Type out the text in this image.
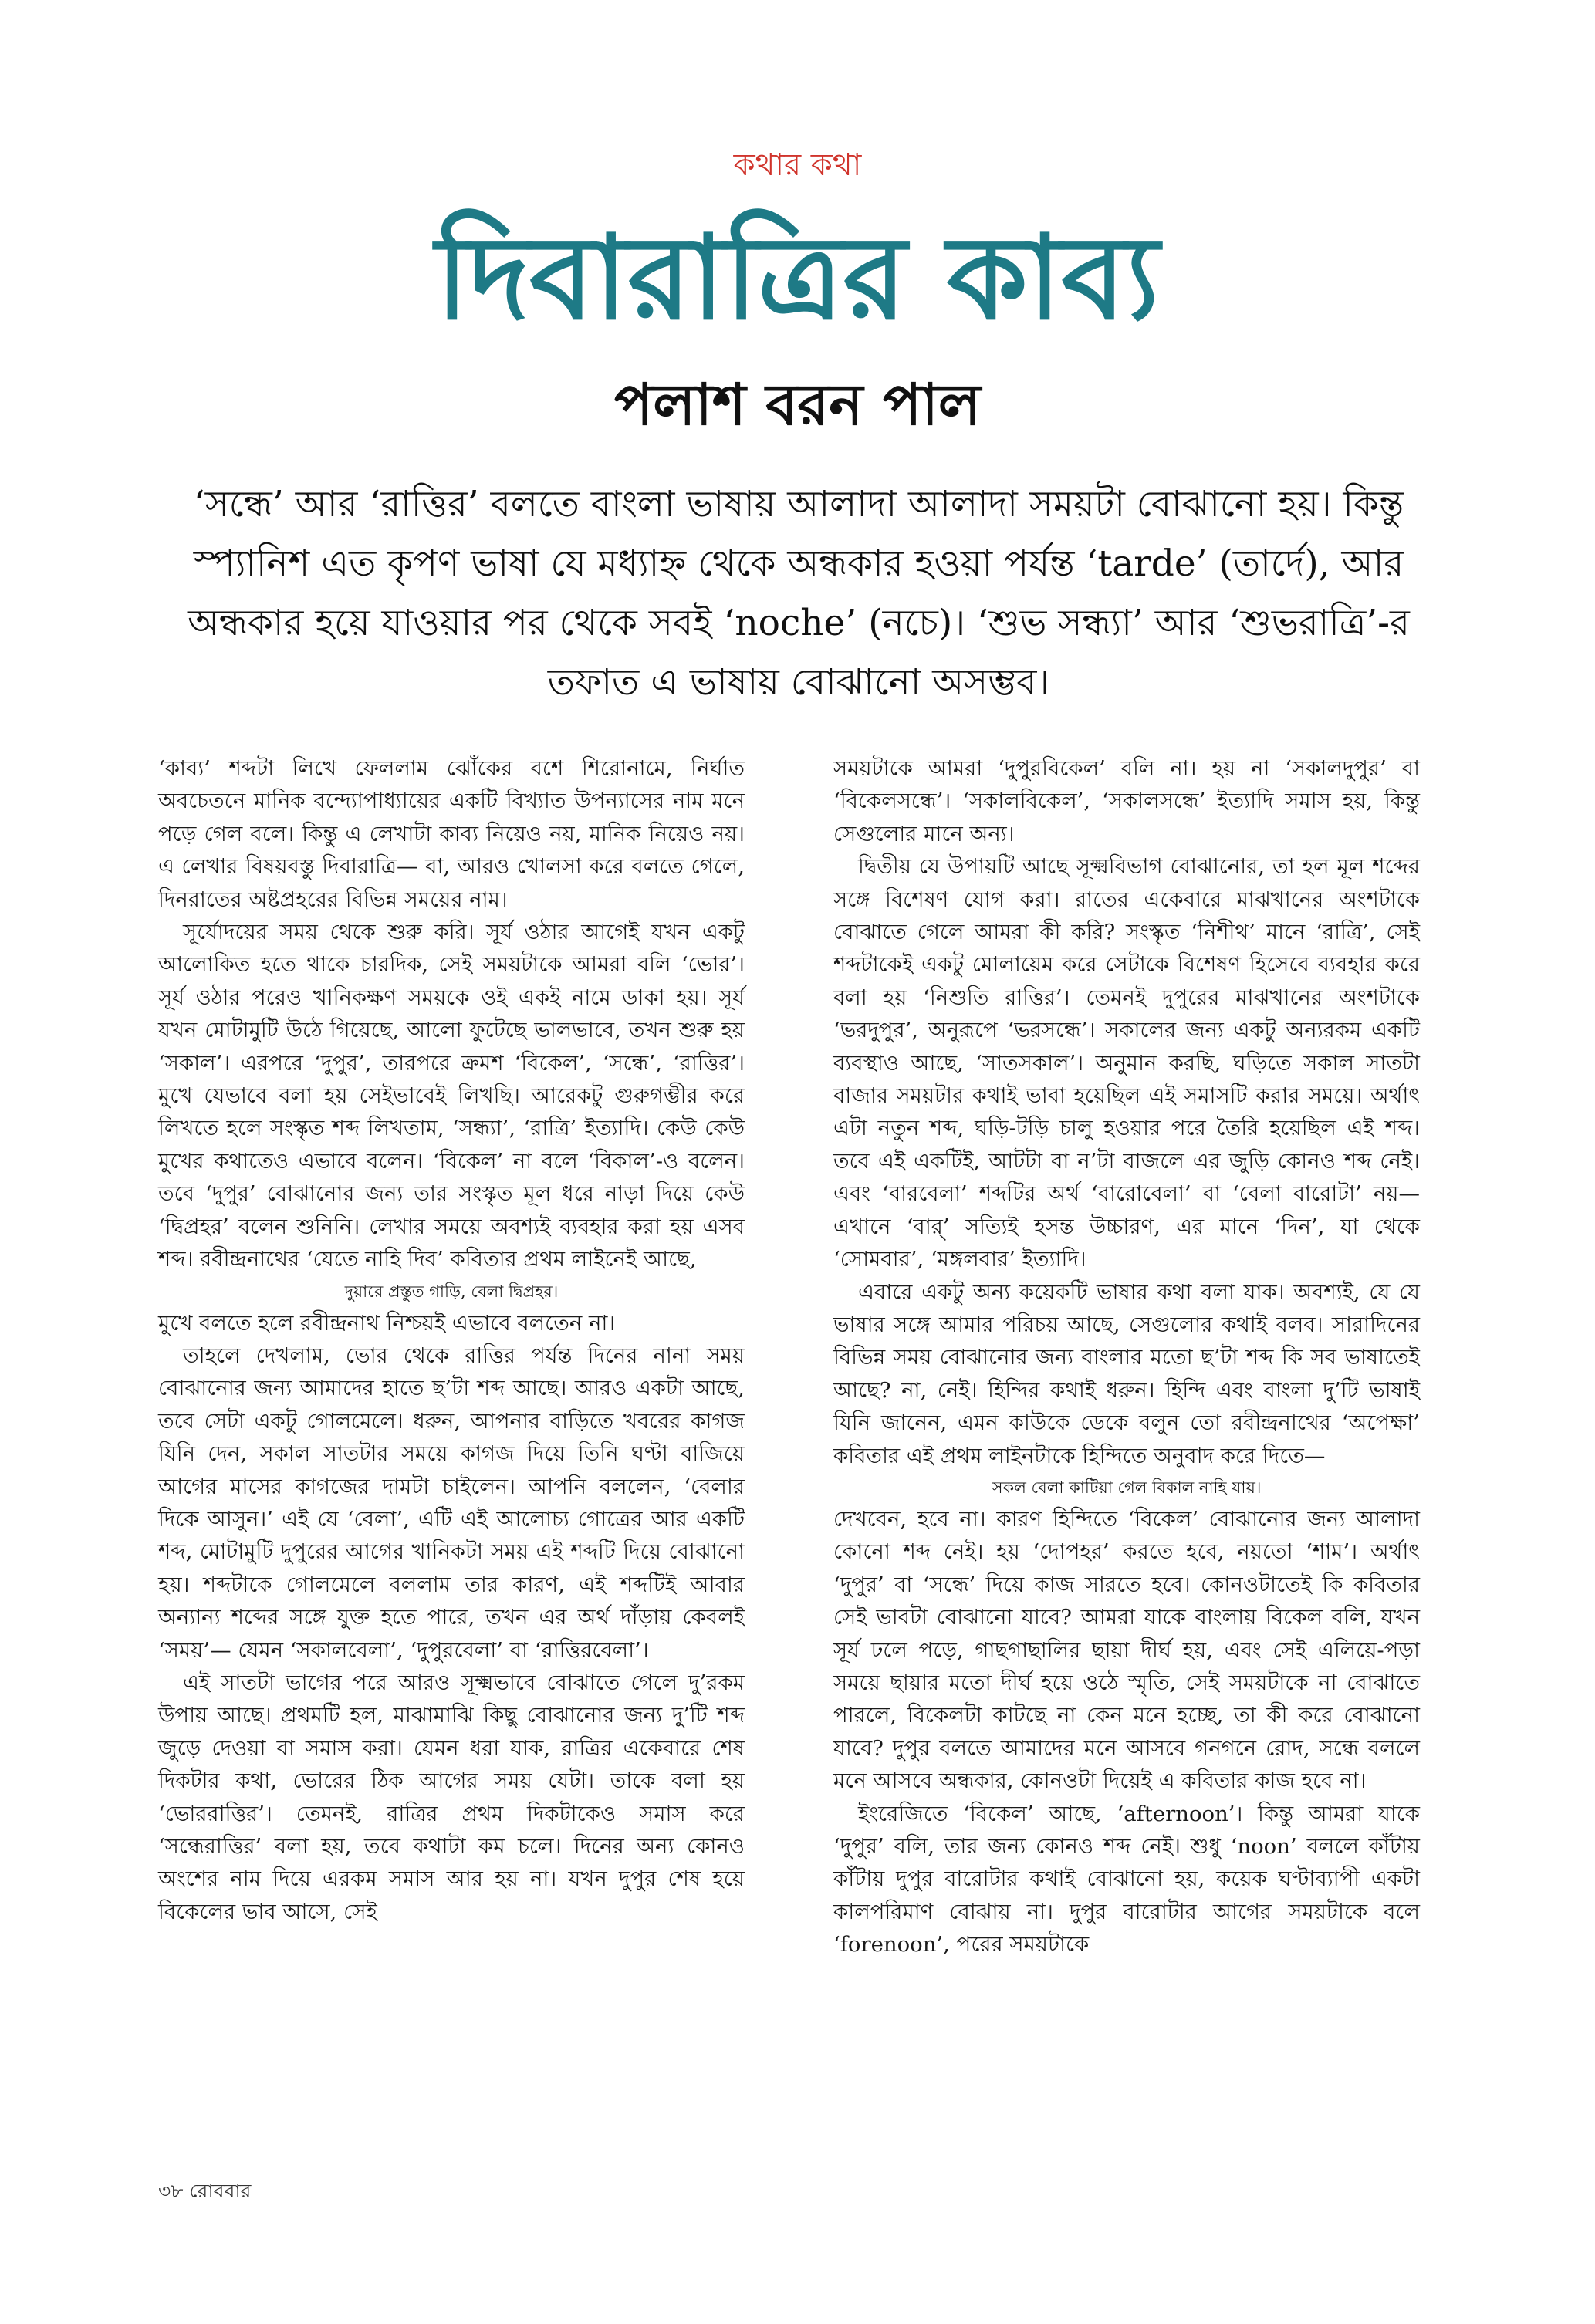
কথার কথা
দিবারাত্রির কাব্য
পলাশ বরন পাল
‘সন্ধে’ আর ‘রাত্তির’ বলতে বাংলা ভাষায় আলাদা আলাদা সময়টা বোঝানো হয়। কিন্তু স্প্যানিশ এত কৃপণ ভাষা যে মধ্যাহ্ন থেকে অন্ধকার হওয়া পর্যন্ত ‘tarde’ (তার্দে), আর অন্ধকার হয়ে যাওয়ার পর থেকে সবই ‘noche’ (নচে)। ‘শুভ সন্ধ্যা’ আর ‘শুভরাত্রি’-র তফাত এ ভাষায় বোঝানো অসম্ভব।

‘কাব্য’ শব্দটা লিখে ফেললাম ঝোঁকের বশে শিরোনামে, নির্ঘাত অবচেতনে মানিক বন্দ্যোপাধ্যায়ের একটি বিখ্যাত উপন্যাসের নাম মনে পড়ে গেল বলে। কিন্তু এ লেখাটা কাব্য নিয়েও নয়, মানিক নিয়েও নয়। এ লেখার বিষয়বস্তু দিবারাত্রি— বা, আরও খোলসা করে বলতে গেলে, দিনরাতের অষ্টপ্রহরের বিভিন্ন সময়ের নাম।

সূর্যোদয়ের সময় থেকে শুরু করি। সূর্য ওঠার আগেই যখন একটু আলোকিত হতে থাকে চারদিক, সেই সময়টাকে আমরা বলি ‘ভোর’। সূর্য ওঠার পরেও খানিকক্ষণ সময়কে ওই একই নামে ডাকা হয়। সূর্য যখন মোটামুটি উঠে গিয়েছে, আলো ফুটেছে ভালভাবে, তখন শুরু হয় ‘সকাল’। এরপরে ‘দুপুর’, তারপরে ক্রমশ ‘বিকেল’, ‘সন্ধে’, ‘রাত্তির’। মুখে যেভাবে বলা হয় সেইভাবেই লিখছি। আরেকটু গুরুগম্ভীর করে লিখতে হলে সংস্কৃত শব্দ লিখতাম, ‘সন্ধ্যা’, ‘রাত্রি’ ইত্যাদি। কেউ কেউ মুখের কথাতেও এভাবে বলেন। ‘বিকেল’ না বলে ‘বিকাল’-ও বলেন। তবে ‘দুপুর’ বোঝানোর জন্য তার সংস্কৃত মূল ধরে নাড়া দিয়ে কেউ ‘দ্বিপ্রহর’ বলেন শুনিনি। লেখার সময়ে অবশ্যই ব্যবহার করা হয় এসব শব্দ। রবীন্দ্রনাথের ‘যেতে নাহি দিব’ কবিতার প্রথম লাইনেই আছে,

দুয়ারে প্রস্তুত গাড়ি, বেলা দ্বিপ্রহর।

মুখে বলতে হলে রবীন্দ্রনাথ নিশ্চয়ই এভাবে বলতেন না।

তাহলে দেখলাম, ভোর থেকে রাত্তির পর্যন্ত দিনের নানা সময় বোঝানোর জন্য আমাদের হাতে ছ’টা শব্দ আছে। আরও একটা আছে, তবে সেটা একটু গোলমেলে। ধরুন, আপনার বাড়িতে খবরের কাগজ যিনি দেন, সকাল সাতটার সময়ে কাগজ দিয়ে তিনি ঘণ্টা বাজিয়ে আগের মাসের কাগজের দামটা চাইলেন। আপনি বললেন, ‘বেলার দিকে আসুন।’ এই যে ‘বেলা’, এটি এই আলোচ্য গোত্রের আর একটি শব্দ, মোটামুটি দুপুরের আগের খানিকটা সময় এই শব্দটি দিয়ে বোঝানো হয়। শব্দটাকে গোলমেলে বললাম তার কারণ, এই শব্দটিই আবার অন্যান্য শব্দের সঙ্গে যুক্ত হতে পারে, তখন এর অর্থ দাঁড়ায় কেবলই ‘সময়’— যেমন ‘সকালবেলা’, ‘দুপুরবেলা’ বা ‘রাত্তিরবেলা’।

এই সাতটা ভাগের পরে আরও সূক্ষ্মভাবে বোঝাতে গেলে দু’রকম উপায় আছে। প্রথমটি হল, মাঝামাঝি কিছু বোঝানোর জন্য দু’টি শব্দ জুড়ে দেওয়া বা সমাস করা। যেমন ধরা যাক, রাত্রির একেবারে শেষ দিকটার কথা, ভোরের ঠিক আগের সময় যেটা। তাকে বলা হয় ‘ভোররাত্তির’। তেমনই, রাত্রির প্রথম দিকটাকেও সমাস করে ‘সন্ধেরাত্তির’ বলা হয়, তবে কথাটা কম চলে। দিনের অন্য কোনও অংশের নাম দিয়ে এরকম সমাস আর হয় না। যখন দুপুর শেষ হয়ে বিকেলের ভাব আসে, সেই

সময়টাকে আমরা ‘দুপুরবিকেল’ বলি না। হয় না ‘সকালদুপুর’ বা ‘বিকেলসন্ধে’। ‘সকালবিকেল’, ‘সকালসন্ধে’ ইত্যাদি সমাস হয়, কিন্তু সেগুলোর মানে অন্য।

দ্বিতীয় যে উপায়টি আছে সূক্ষ্মবিভাগ বোঝানোর, তা হল মূল শব্দের সঙ্গে বিশেষণ যোগ করা। রাতের একেবারে মাঝখানের অংশটাকে বোঝাতে গেলে আমরা কী করি? সংস্কৃত ‘নিশীথ’ মানে ‘রাত্রি’, সেই শব্দটাকেই একটু মোলায়েম করে সেটাকে বিশেষণ হিসেবে ব্যবহার করে বলা হয় ‘নিশুতি রাত্তির’। তেমনই দুপুরের মাঝখানের অংশটাকে ‘ভরদুপুর’, অনুরূপে ‘ভরসন্ধে’। সকালের জন্য একটু অন্যরকম একটি ব্যবস্থাও আছে, ‘সাতসকাল’। অনুমান করছি, ঘড়িতে সকাল সাতটা বাজার সময়টার কথাই ভাবা হয়েছিল এই সমাসটি করার সময়ে। অর্থাৎ এটা নতুন শব্দ, ঘড়ি-টড়ি চালু হওয়ার পরে তৈরি হয়েছিল এই শব্দ। তবে এই একটিই, আটটা বা ন’টা বাজলে এর জুড়ি কোনও শব্দ নেই। এবং ‘বারবেলা’ শব্দটির অর্থ ‘বারোবেলা’ বা ‘বেলা বারোটা’ নয়— এখানে ‘বার্’ সত্যিই হসন্ত উচ্চারণ, এর মানে ‘দিন’, যা থেকে ‘সোমবার’, ‘মঙ্গলবার’ ইত্যাদি।

এবারে একটু অন্য কয়েকটি ভাষার কথা বলা যাক। অবশ্যই, যে যে ভাষার সঙ্গে আমার পরিচয় আছে, সেগুলোর কথাই বলব। সারাদিনের বিভিন্ন সময় বোঝানোর জন্য বাংলার মতো ছ’টা শব্দ কি সব ভাষাতেই আছে? না, নেই। হিন্দির কথাই ধরুন। হিন্দি এবং বাংলা দু’টি ভাষাই যিনি জানেন, এমন কাউকে ডেকে বলুন তো রবীন্দ্রনাথের ‘অপেক্ষা’ কবিতার এই প্রথম লাইনটাকে হিন্দিতে অনুবাদ করে দিতে—

সকল বেলা কাটিয়া গেল বিকাল নাহি যায়।

দেখবেন, হবে না। কারণ হিন্দিতে ‘বিকেল’ বোঝানোর জন্য আলাদা কোনো শব্দ নেই। হয় ‘দোপহর’ করতে হবে, নয়তো ‘শাম’। অর্থাৎ ‘দুপুর’ বা ‘সন্ধে’ দিয়ে কাজ সারতে হবে। কোনওটাতেই কি কবিতার সেই ভাবটা বোঝানো যাবে? আমরা যাকে বাংলায় বিকেল বলি, যখন সূর্য ঢলে পড়ে, গাছগাছালির ছায়া দীর্ঘ হয়, এবং সেই এলিয়ে-পড়া সময়ে ছায়ার মতো দীর্ঘ হয়ে ওঠে স্মৃতি, সেই সময়টাকে না বোঝাতে পারলে, বিকেলটা কাটছে না কেন মনে হচ্ছে, তা কী করে বোঝানো যাবে? দুপুর বলতে আমাদের মনে আসবে গনগনে রোদ, সন্ধে বললে মনে আসবে অন্ধকার, কোনওটা দিয়েই এ কবিতার কাজ হবে না।

ইংরেজিতে ‘বিকেল’ আছে, ‘afternoon’। কিন্তু আমরা যাকে ‘দুপুর’ বলি, তার জন্য কোনও শব্দ নেই। শুধু ‘noon’ বললে কাঁটায় কাঁটায় দুপুর বারোটার কথাই বোঝানো হয়, কয়েক ঘণ্টাব্যাপী একটা কালপরিমাণ বোঝায় না। দুপুর বারোটার আগের সময়টাকে বলে ‘forenoon’, পরের সময়টাকে

৩৮ রোববার
